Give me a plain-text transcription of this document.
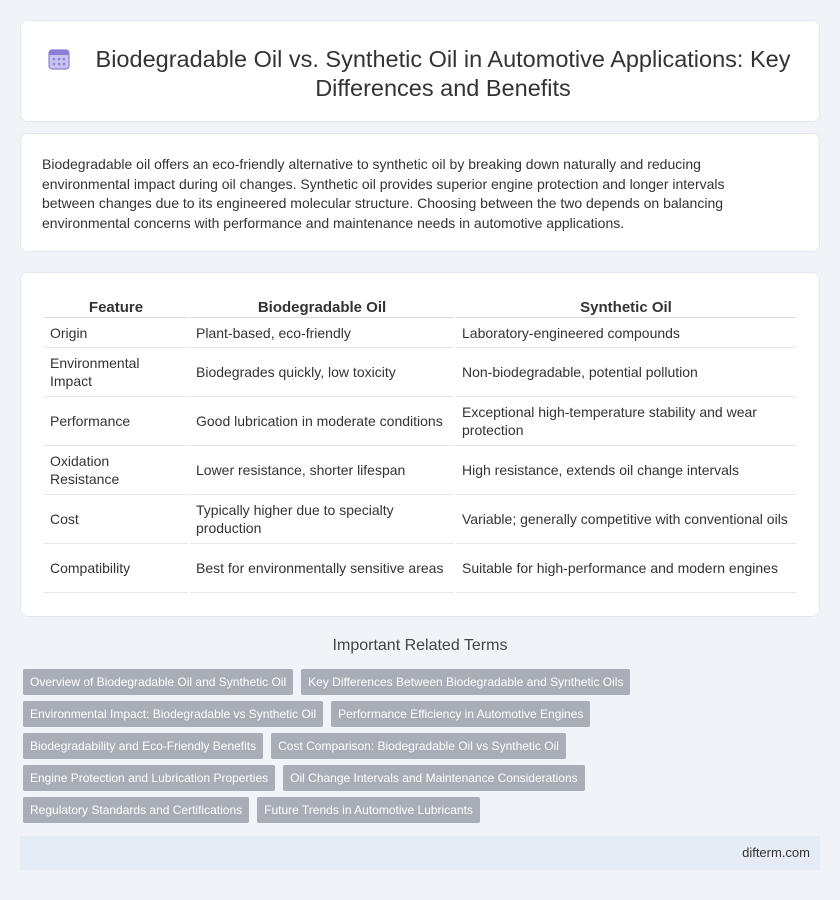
Biodegradable Oil vs. Synthetic Oil in Automotive Applications: Key Differences and Benefits

Biodegradable oil offers an eco-friendly alternative to synthetic oil by breaking down naturally and reducing environmental impact during oil changes. Synthetic oil provides superior engine protection and longer intervals between changes due to its engineered molecular structure. Choosing between the two depends on balancing environmental concerns with performance and maintenance needs in automotive applications.

Feature	Biodegradable Oil	Synthetic Oil
Origin	Plant-based, eco-friendly	Laboratory-engineered compounds
Environmental Impact	Biodegrades quickly, low toxicity	Non-biodegradable, potential pollution
Performance	Good lubrication in moderate conditions	Exceptional high-temperature stability and wear protection
Oxidation Resistance	Lower resistance, shorter lifespan	High resistance, extends oil change intervals
Cost	Typically higher due to specialty production	Variable; generally competitive with conventional oils
Compatibility	Best for environmentally sensitive areas	Suitable for high-performance and modern engines
Important Related Terms
Overview of Biodegradable Oil and Synthetic Oil	Key Differences Between Biodegradable and Synthetic Oils
Environmental Impact: Biodegradable vs Synthetic Oil	Performance Efficiency in Automotive Engines
Biodegradability and Eco-Friendly Benefits	Cost Comparison: Biodegradable Oil vs Synthetic Oil
Engine Protection and Lubrication Properties	Oil Change Intervals and Maintenance Considerations
Regulatory Standards and Certifications	Future Trends in Automotive Lubricants
difterm.com
